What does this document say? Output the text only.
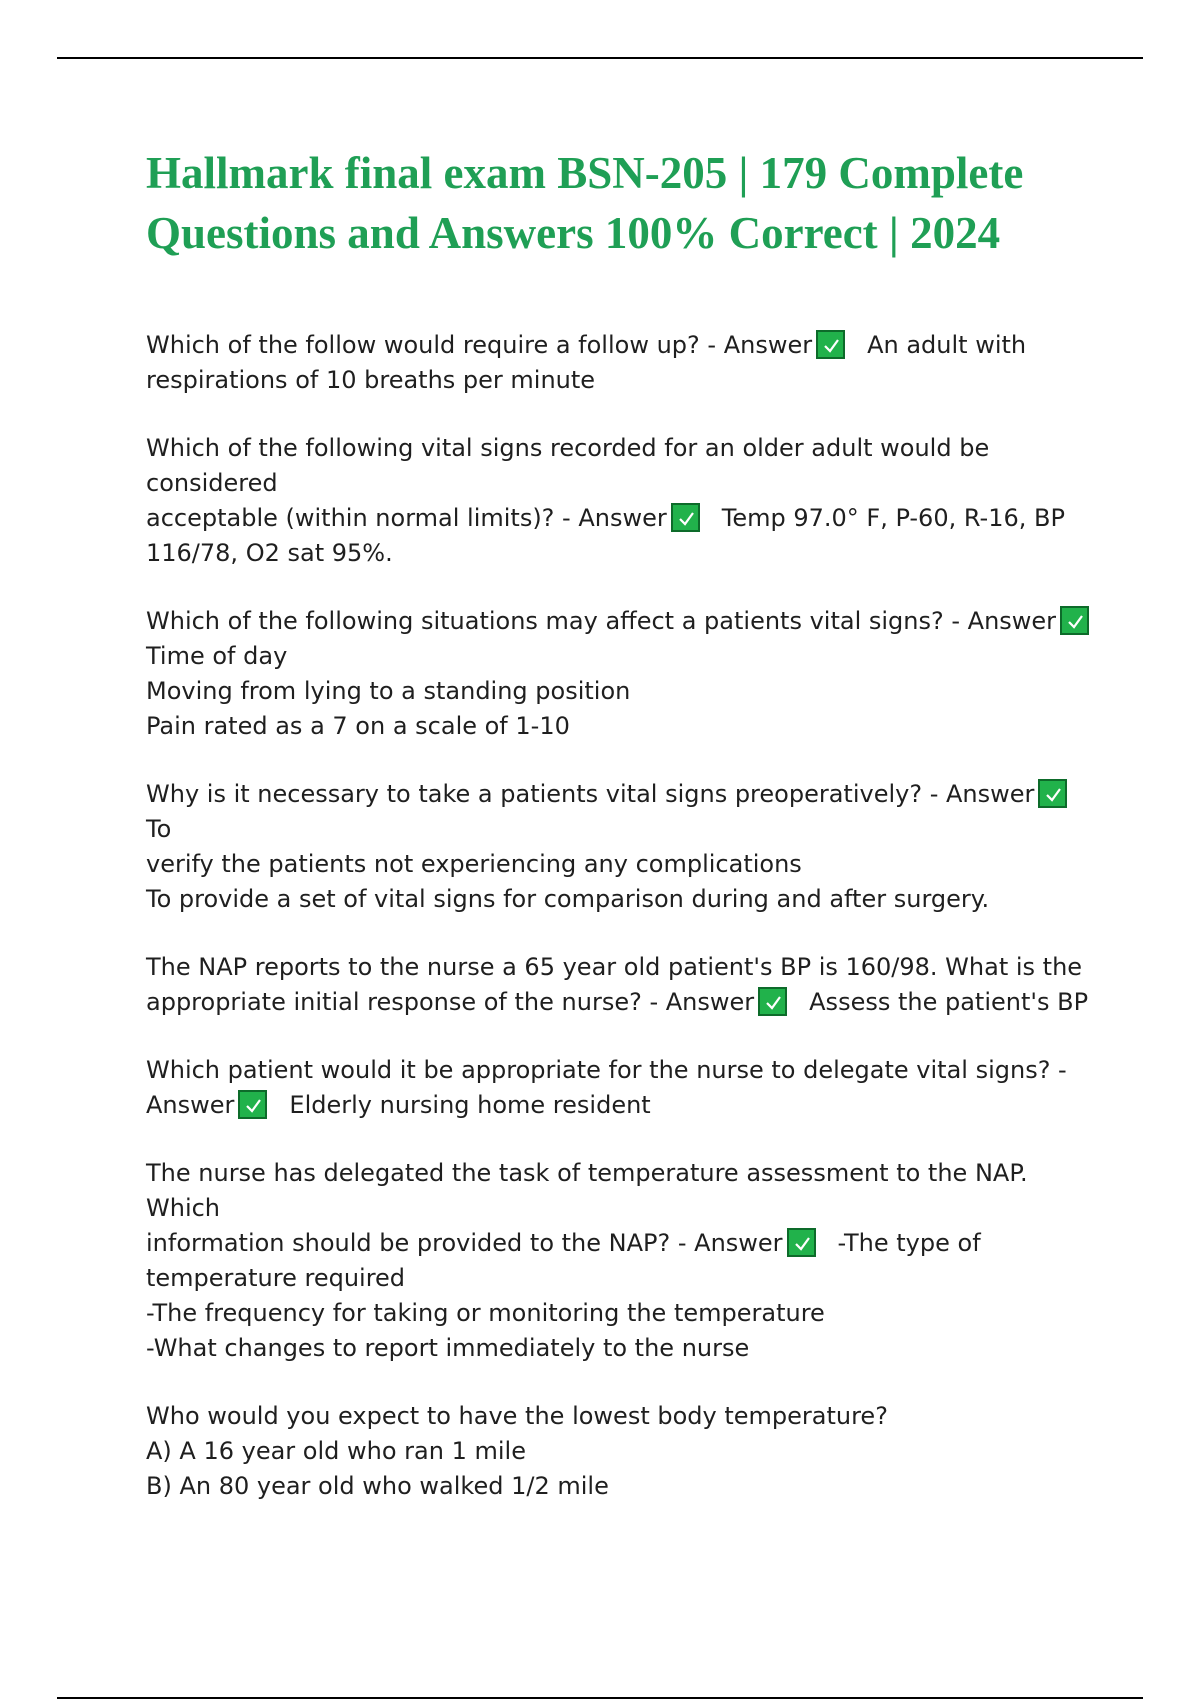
Hallmark final exam BSN-205 | 179 Complete
Questions and Answers 100% Correct | 2024
Which of the follow would require a follow up? - Answer An adult with
respirations of 10 breaths per minute
Which of the following vital signs recorded for an older adult would be considered
acceptable (within normal limits)? - Answer Temp 97.0° F, P-60, R-16, BP
116/78, O2 sat 95%.
Which of the following situations may affect a patients vital signs? - Answer
Time of day
Moving from lying to a standing position
Pain rated as a 7 on a scale of 1-10
Why is it necessary to take a patients vital signs preoperatively? - Answer
To
verify the patients not experiencing any complications
To provide a set of vital signs for comparison during and after surgery.
The NAP reports to the nurse a 65 year old patient's BP is 160/98. What is the
appropriate initial response of the nurse? - Answer Assess the patient's BP
Which patient would it be appropriate for the nurse to delegate vital signs? -
Answer Elderly nursing home resident
The nurse has delegated the task of temperature assessment to the NAP. Which
information should be provided to the NAP? - Answer -The type of
temperature required
-The frequency for taking or monitoring the temperature
-What changes to report immediately to the nurse
Who would you expect to have the lowest body temperature?
A) A 16 year old who ran 1 mile
B) An 80 year old who walked 1/2 mile
